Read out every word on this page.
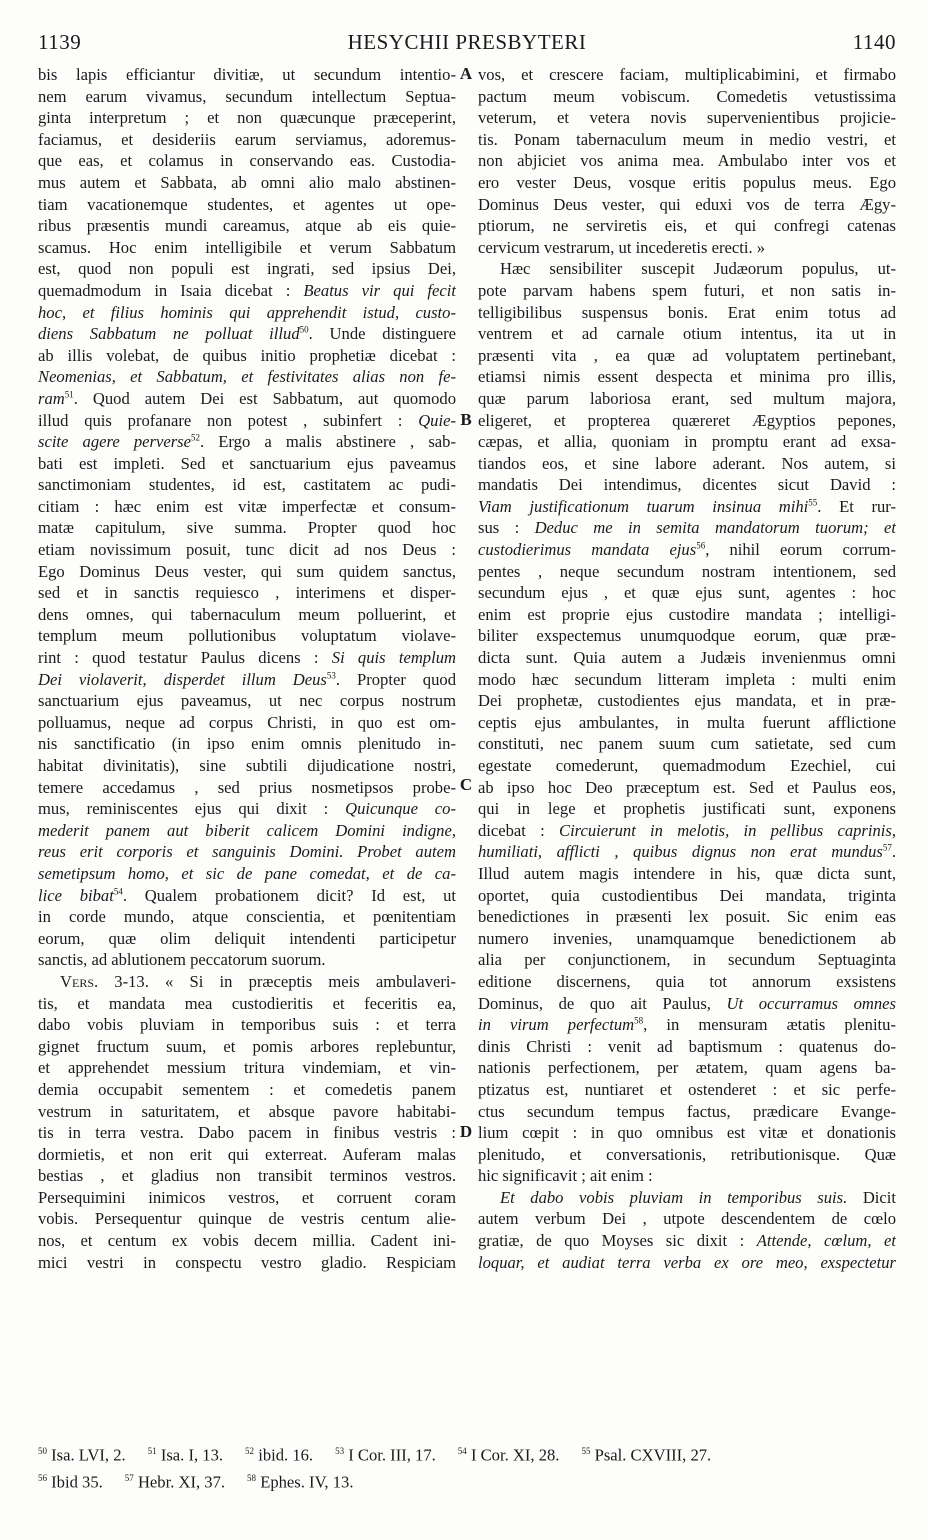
1139	HESYCHII PRESBYTERI	1140
bis lapis efficiantur divitiæ, ut secundum intentio-
nem earum vivamus, secundum intellectum Septua-
ginta interpretum ; et non quæcunque præceperint,
faciamus, et desideriis earum serviamus, adoremus-
que eas, et colamus in conservando eas. Custodia-
mus autem et Sabbata, ab omni alio malo abstinen-
tiam vacationemque studentes, et agentes ut ope-
ribus præsentis mundi careamus, atque ab eis quie-
scamus. Hoc enim intelligibile et verum Sabbatum
est, quod non populi est ingrati, sed ipsius Dei,
quemadmodum in Isaia dicebat : Beatus vir qui fecit
hoc, et filius hominis qui apprehendit istud, custo-
diens Sabbatum ne polluat illud$^{50}$. Unde distinguere
ab illis volebat, de quibus initio prophetiæ dicebat :
Neomenias, et Sabbatum, et festivitates alias non fe-
ram$^{51}$. Quod autem Dei est Sabbatum, aut quomodo
illud quis profanare non potest , subinfert : Quie-
scite agere perverse$^{52}$. Ergo a malis abstinere , sab-
bati est impleti. Sed et sanctuarium ejus paveamus
sanctimoniam studentes, id est, castitatem ac pudi-
citiam : hæc enim est vitæ imperfectæ et consum-
matæ capitulum, sive summa. Propter quod hoc
etiam novissimum posuit, tunc dicit ad nos Deus :
Ego Dominus Deus vester, qui sum quidem sanctus,
sed et in sanctis requiesco , interimens et disper-
dens omnes, qui tabernaculum meum polluerint, et
templum meum pollutionibus voluptatum violave-
rint : quod testatur Paulus dicens : Si quis templum
Dei violaverit, disperdet illum Deus$^{53}$. Propter quod
sanctuarium ejus paveamus, ut nec corpus nostrum
polluamus, neque ad corpus Christi, in quo est om-
nis sanctificatio (in ipso enim omnis plenitudo in-
habitat divinitatis), sine subtili dijudicatione nostri,
temere accedamus , sed prius nosmetipsos probe-
mus, reminiscentes ejus qui dixit : Quicunque co-
mederit panem aut biberit calicem Domini indigne,
reus erit corporis et sanguinis Domini. Probet autem
semetipsum homo, et sic de pane comedat, et de ca-
lice bibat$^{54}$. Qualem probationem dicit? Id est, ut
in corde mundo, atque conscientia, et pœnitentiam
eorum, quæ olim deliquit intendenti participetur
sanctis, ad ablutionem peccatorum suorum.
Vers. 3-13. « Si in præceptis meis ambulaveri-
tis, et mandata mea custodieritis et feceritis ea,
dabo vobis pluviam in temporibus suis : et terra
gignet fructum suum, et pomis arbores replebuntur,
et apprehendet messium tritura vindemiam, et vin-
demia occupabit sementem : et comedetis panem
vestrum in saturitatem, et absque pavore habitabi-
tis in terra vestra. Dabo pacem in finibus vestris :
dormietis, et non erit qui exterreat. Auferam malas
bestias , et gladius non transibit terminos vestros.
Persequimini inimicos vestros, et corruent coram
vobis. Persequentur quinque de vestris centum alie-
nos, et centum ex vobis decem millia. Cadent ini-
mici vestri in conspectu vestro gladio. Respiciam
vos, et crescere faciam, multiplicabimini, et firmabo
pactum meum vobiscum. Comedetis vetustissima
veterum, et vetera novis supervenientibus projicie-
tis. Ponam tabernaculum meum in medio vestri, et
non abjiciet vos anima mea. Ambulabo inter vos et
ero vester Deus, vosque eritis populus meus. Ego
Dominus Deus vester, qui eduxi vos de terra Ægy-
ptiorum, ne serviretis eis, et qui confregi catenas
cervicum vestrarum, ut incederetis erecti. »
Hæc sensibiliter suscepit Judæorum populus, ut-
pote parvam habens spem futuri, et non satis in-
telligibilibus suspensus bonis. Erat enim totus ad
ventrem et ad carnale otium intentus, ita ut in
præsenti vita , ea quæ ad voluptatem pertinebant,
etiamsi nimis essent despecta et minima pro illis,
quæ parum laboriosa erant, sed multum majora,
eligeret, et propterea quæreret Ægyptios pepones,
cæpas, et allia, quoniam in promptu erant ad exsa-
tiandos eos, et sine labore aderant. Nos autem, si
mandatis Dei intendimus, dicentes sicut David :
Viam justificationum tuarum insinua mihi$^{55}$. Et rur-
sus : Deduc me in semita mandatorum tuorum; et
custodierimus mandata ejus$^{56}$, nihil eorum corrum-
pentes , neque secundum nostram intentionem, sed
secundum ejus , et quæ ejus sunt, agentes : hoc
enim est proprie ejus custodire mandata ; intelligi-
biliter exspectemus unumquodque eorum, quæ præ-
dicta sunt. Quia autem a Judæis invenienmus omni
modo hæc secundum litteram impleta : multi enim
Dei prophetæ, custodientes ejus mandata, et in præ-
ceptis ejus ambulantes, in multa fuerunt afflictione
constituti, nec panem suum cum satietate, sed cum
egestate comederunt, quemadmodum Ezechiel, cui
ab ipso hoc Deo præceptum est. Sed et Paulus eos,
qui in lege et prophetis justificati sunt, exponens
dicebat : Circuierunt in melotis, in pellibus caprinis,
humiliati, afflicti , quibus dignus non erat mundus$^{57}$.
Illud autem magis intendere in his, quæ dicta sunt,
oportet, quia custodientibus Dei mandata, triginta
benedictiones in præsenti lex posuit. Sic enim eas
numero invenies, unamquamque benedictionem ab
alia per conjunctionem, in secundum Septuaginta
editione discernens, quia tot annorum exsistens
Dominus, de quo ait Paulus, Ut occurramus omnes
in virum perfectum$^{58}$, in mensuram ætatis plenitu-
dinis Christi : venit ad baptismum : quatenus do-
nationis perfectionem, per ætatem, quam agens ba-
ptizatus est, nuntiaret et ostenderet : et sic perfe-
ctus secundum tempus factus, prædicare Evange-
lium cœpit : in quo omnibus est vitæ et donationis
plenitudo, et conversationis, retributionisque. Quæ
hic significavit ; ait enim :
Et dabo vobis pluviam in temporibus suis. Dicit
autem verbum Dei , utpote descendentem de cœlo
gratiæ, de quo Moyses sic dixit : Attende, cœlum, et
loquar, et audiat terra verba ex ore meo, exspectetur
A
B
C
D
$^{50}$ Isa. LVI, 2. $^{51}$ Isa. I, 13. $^{52}$ ibid. 16. $^{53}$ I Cor. III, 17. $^{54}$ I Cor. XI, 28. $^{55}$ Psal. CXVIII, 27.
$^{56}$ Ibid 35. $^{57}$ Hebr. XI, 37. $^{58}$ Ephes. IV, 13.
